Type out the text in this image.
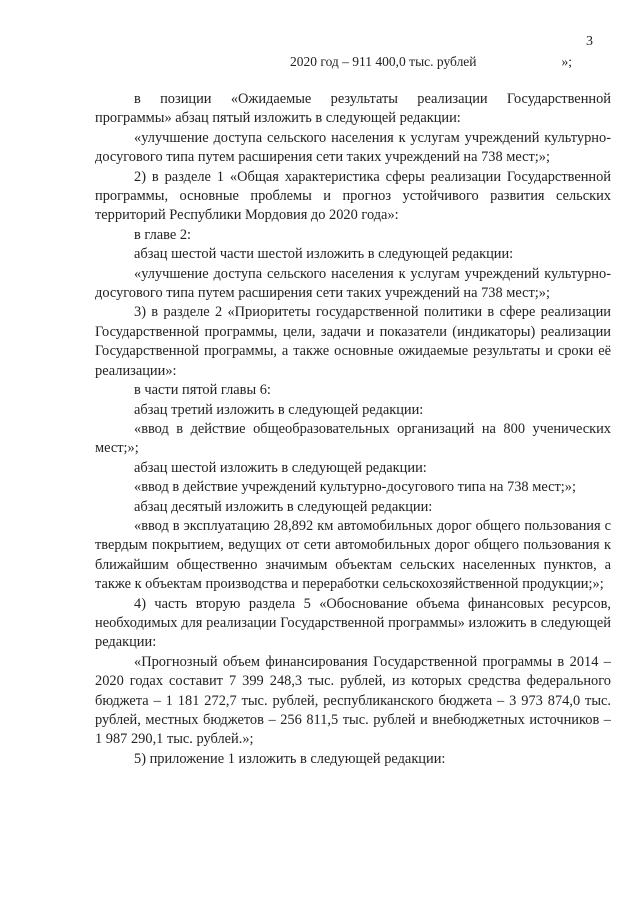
3
2020 год – 911 400,0 тыс. рублей	»;

в позиции «Ожидаемые результаты реализации Государственной программы» абзац пятый изложить в следующей редакции:

«улучшение доступа сельского населения к услугам учреждений культурно-досугового типа путем расширения сети таких учреждений на 738 мест;»;

2) в разделе 1 «Общая характеристика сферы реализации Государственной программы, основные проблемы и прогноз устойчивого развития сельских территорий Республики Мордовия до 2020 года»:

в главе 2:

абзац шестой части шестой изложить в следующей редакции:

«улучшение доступа сельского населения к услугам учреждений культурно-досугового типа путем расширения сети таких учреждений на 738 мест;»;

3) в разделе 2 «Приоритеты государственной политики в сфере реализации Государственной программы, цели, задачи и показатели (индикаторы) реализации Государственной программы, а также основные ожидаемые результаты и сроки её реализации»:

в части пятой главы 6:

абзац третий изложить в следующей редакции:

«ввод в действие общеобразовательных организаций на 800 ученических мест;»;

абзац шестой изложить в следующей редакции:

«ввод в действие учреждений культурно-досугового типа на 738 мест;»;

абзац десятый изложить в следующей редакции:

«ввод в эксплуатацию 28,892 км автомобильных дорог общего пользования с твердым покрытием, ведущих от сети автомобильных дорог общего пользования к ближайшим общественно значимым объектам сельских населенных пунктов, а также к объектам производства и переработки сельскохозяйственной продукции;»;

4) часть вторую раздела 5 «Обоснование объема финансовых ресурсов, необходимых для реализации Государственной программы» изложить в следующей редакции:

«Прогнозный объем финансирования Государственной программы в 2014 – 2020 годах составит 7 399 248,3 тыс. рублей, из которых средства федерального бюджета – 1 181 272,7 тыс. рублей, республиканского бюджета – 3 973 874,0 тыс. рублей, местных бюджетов – 256 811,5 тыс. рублей и внебюджетных источников – 1 987 290,1 тыс. рублей.»;

5) приложение 1 изложить в следующей редакции:
